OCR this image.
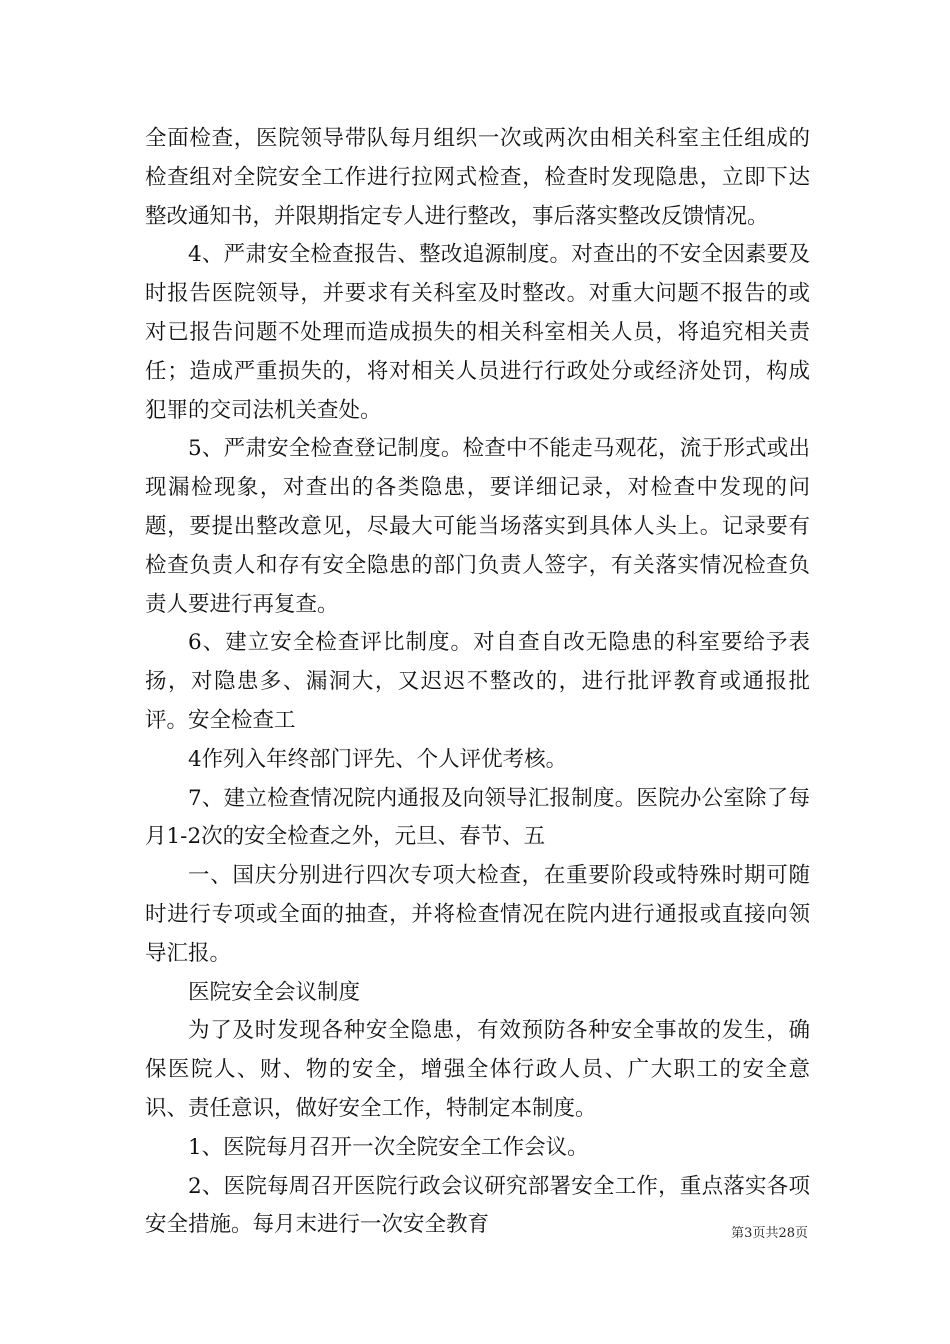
全面检查，医院领导带队每月组织一次或两次由相关科室主任组成的检查组对全院安全工作进行拉网式检查，检查时发现隐患，立即下达整改通知书，并限期指定专人进行整改，事后落实整改反馈情况。

4、严肃安全检查报告、整改追源制度。对查出的不安全因素要及时报告医院领导，并要求有关科室及时整改。对重大问题不报告的或对已报告问题不处理而造成损失的相关科室相关人员，将追究相关责任；造成严重损失的，将对相关人员进行行政处分或经济处罚，构成犯罪的交司法机关查处。

5、严肃安全检查登记制度。检查中不能走马观花，流于形式或出现漏检现象，对查出的各类隐患，要详细记录，对检查中发现的问题，要提出整改意见，尽最大可能当场落实到具体人头上。记录要有检查负责人和存有安全隐患的部门负责人签字，有关落实情况检查负责人要进行再复查。

6、建立安全检查评比制度。对自查自改无隐患的科室要给予表扬，对隐患多、漏洞大，又迟迟不整改的，进行批评教育或通报批评。安全检查工

4作列入年终部门评先、个人评优考核。

7、建立检查情况院内通报及向领导汇报制度。医院办公室除了每月1-2次的安全检查之外，元旦、春节、五

一、国庆分别进行四次专项大检查，在重要阶段或特殊时期可随时进行专项或全面的抽查，并将检查情况在院内进行通报或直接向领导汇报。

医院安全会议制度

为了及时发现各种安全隐患，有效预防各种安全事故的发生，确保医院人、财、物的安全，增强全体行政人员、广大职工的安全意识、责任意识，做好安全工作，特制定本制度。

1、医院每月召开一次全院安全工作会议。

2、医院每周召开医院行政会议研究部署安全工作，重点落实各项安全措施。每月末进行一次安全教育	第3页共28页
